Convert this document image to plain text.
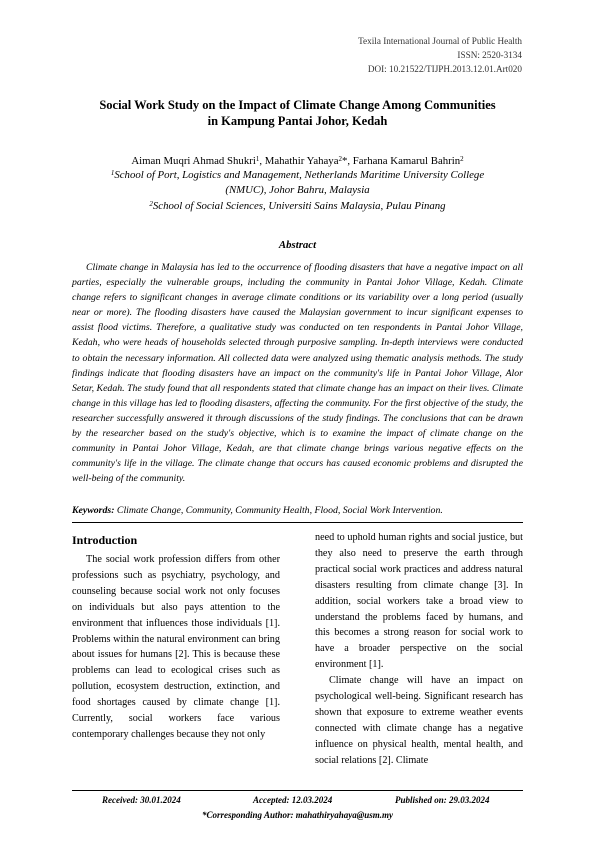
Texila International Journal of Public Health
ISSN: 2520-3134
DOI: 10.21522/TIJPH.2013.12.01.Art020
Social Work Study on the Impact of Climate Change Among Communities
in Kampung Pantai Johor, Kedah
Aiman Muqri Ahmad Shukri$^1$, Mahathir Yahaya$^2$*, Farhana Kamarul Bahrin$^2$
$^1$School of Port, Logistics and Management, Netherlands Maritime University College
(NMUC), Johor Bahru, Malaysia
$^2$School of Social Sciences, Universiti Sains Malaysia, Pulau Pinang
Abstract

Climate change in Malaysia has led to the occurrence of flooding disasters that have a negative impact on all parties, especially the vulnerable groups, including the community in Pantai Johor Village, Kedah. Climate change refers to significant changes in average climate conditions or its variability over a long period (usually near or more). The flooding disasters have caused the Malaysian government to incur significant expenses to assist flood victims. Therefore, a qualitative study was conducted on ten respondents in Pantai Johor Village, Kedah, who were heads of households selected through purposive sampling. In-depth interviews were conducted to obtain the necessary information. All collected data were analyzed using thematic analysis methods. The study findings indicate that flooding disasters have an impact on the community's life in Pantai Johor Village, Alor Setar, Kedah. The study found that all respondents stated that climate change has an impact on their lives. Climate change in this village has led to flooding disasters, affecting the community. For the first objective of the study, the researcher successfully answered it through discussions of the study findings. The conclusions that can be drawn by the researcher based on the study's objective, which is to examine the impact of climate change on the community in Pantai Johor Village, Kedah, are that climate change brings various negative effects on the community's life in the village. The climate change that occurs has caused economic problems and disrupted the well-being of the community.

Keywords: Climate Change, Community, Community Health, Flood, Social Work Intervention.
Introduction

The social work profession differs from other professions such as psychiatry, psychology, and counseling because social work not only focuses on individuals but also pays attention to the environment that influences those individuals [1]. Problems within the natural environment can bring about issues for humans [2]. This is because these problems can lead to ecological crises such as pollution, ecosystem destruction, extinction, and food shortages caused by climate change [1]. Currently, social workers face various contemporary challenges because they not only

need to uphold human rights and social justice, but they also need to preserve the earth through practical social work practices and address natural disasters resulting from climate change [3]. In addition, social workers take a broad view to understand the problems faced by humans, and this becomes a strong reason for social work to have a broader perspective on the social environment [1].

Climate change will have an impact on psychological well-being. Significant research has shown that exposure to extreme weather events connected with climate change has a negative influence on physical health, mental health, and social relations [2]. Climate

Received: 30.01.2024	Accepted: 12.03.2024	Published on: 29.03.2024
*Corresponding Author: mahathiryahaya@usm.my
